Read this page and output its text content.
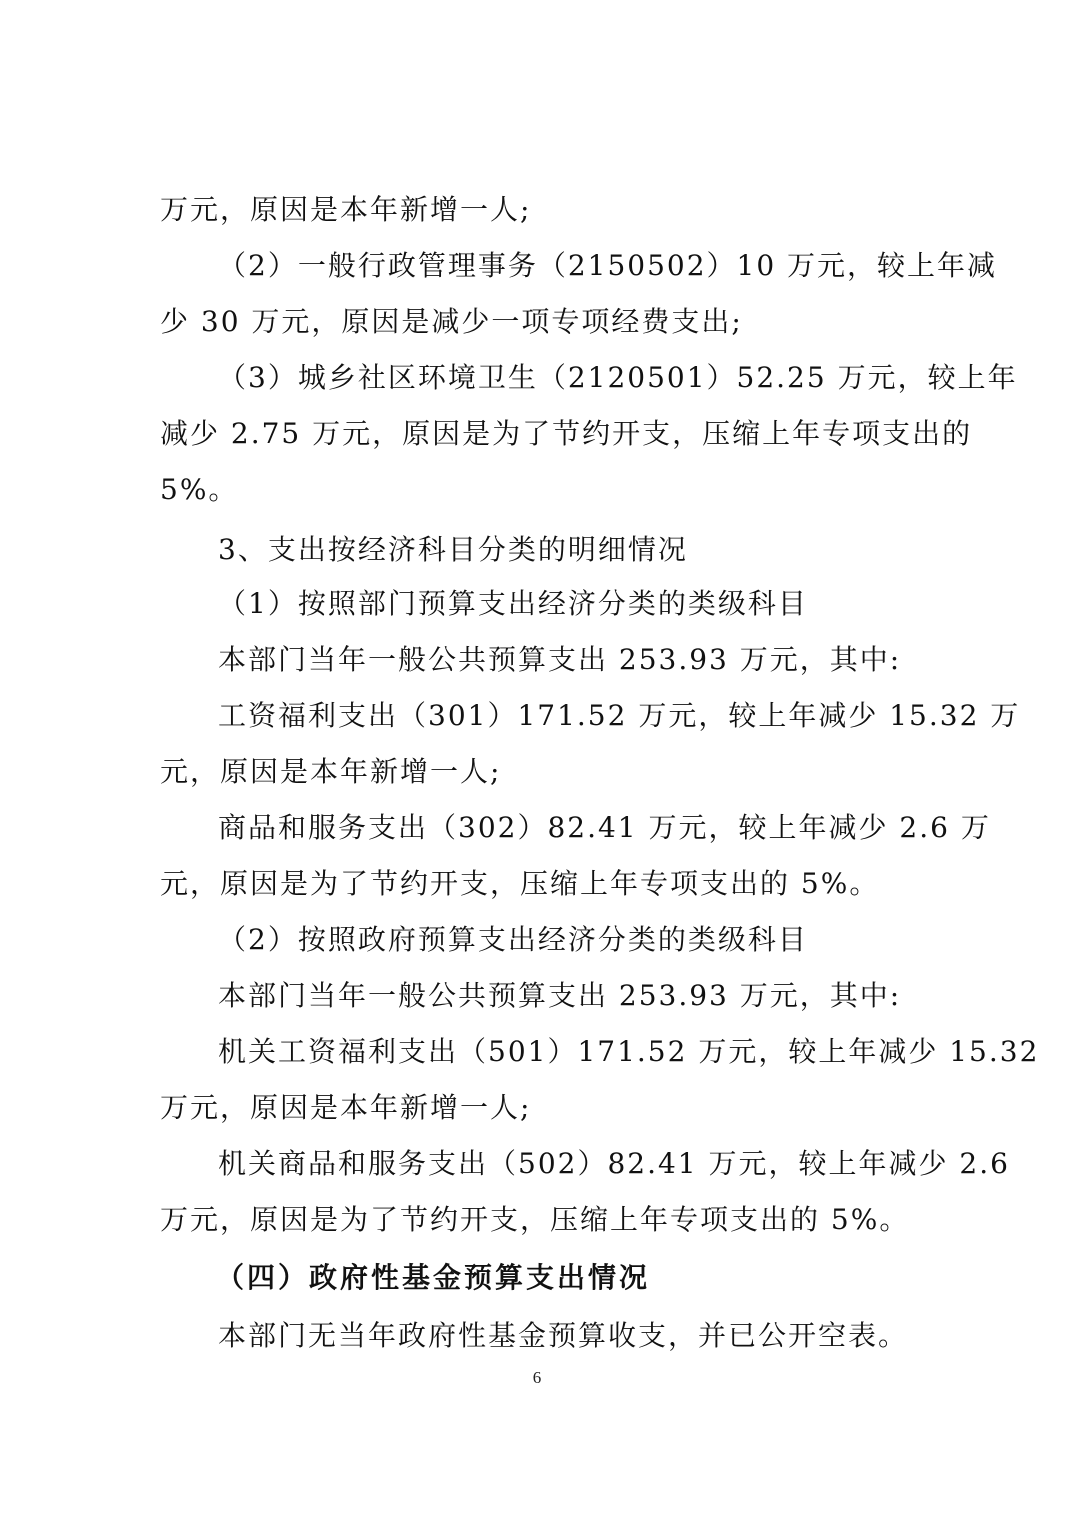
万元，原因是本年新增一人;
（2）一般行政管理事务（2150502）10 万元，较上年减
少 30 万元，原因是减少一项专项经费支出;
（3）城乡社区环境卫生（2120501）52.25 万元，较上年
减少 2.75 万元，原因是为了节约开支，压缩上年专项支出的
5%。
3、支出按经济科目分类的明细情况
（1）按照部门预算支出经济分类的类级科目
本部门当年一般公共预算支出 253.93 万元，其中:
工资福利支出（301）171.52 万元，较上年减少 15.32 万
元，原因是本年新增一人;
商品和服务支出（302）82.41 万元，较上年减少 2.6 万
元，原因是为了节约开支，压缩上年专项支出的 5%。
（2）按照政府预算支出经济分类的类级科目
本部门当年一般公共预算支出 253.93 万元，其中:
机关工资福利支出（501）171.52 万元，较上年减少 15.32
万元，原因是本年新增一人;
机关商品和服务支出（502）82.41 万元，较上年减少 2.6
万元，原因是为了节约开支，压缩上年专项支出的 5%。
（四）政府性基金预算支出情况
本部门无当年政府性基金预算收支，并已公开空表。
6
